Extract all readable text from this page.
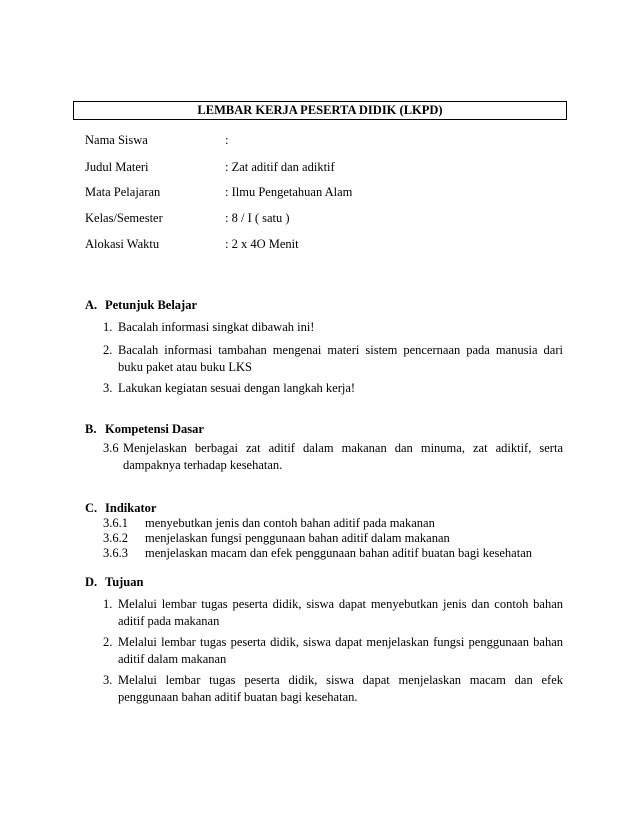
LEMBAR KERJA PESERTA DIDIK (LKPD)
Nama Siswa	:
Judul Materi	: Zat aditif dan adiktif
Mata Pelajaran	: Ilmu Pengetahuan Alam
Kelas/Semester	: 8 / I ( satu )
Alokasi Waktu	: 2 x 4O Menit
A. Petunjuk Belajar
1. Bacalah informasi singkat dibawah ini!
2. Bacalah informasi tambahan mengenai materi sistem pencernaan pada manusia dari buku paket atau buku LKS
3. Lakukan kegiatan sesuai dengan langkah kerja!
B. Kompetensi Dasar
3.6 Menjelaskan berbagai zat aditif dalam makanan dan minuma, zat adiktif, serta dampaknya terhadap kesehatan.
C. Indikator
3.6.1 menyebutkan jenis dan contoh bahan aditif pada makanan
3.6.2 menjelaskan fungsi penggunaan bahan aditif dalam makanan
3.6.3 menjelaskan macam dan efek penggunaan bahan aditif buatan bagi kesehatan
D. Tujuan
1. Melalui lembar tugas peserta didik, siswa dapat menyebutkan jenis dan contoh bahan aditif pada makanan
2. Melalui lembar tugas peserta didik, siswa dapat menjelaskan fungsi penggunaan bahan aditif dalam makanan
3. Melalui lembar tugas peserta didik, siswa dapat menjelaskan macam dan efek penggunaan bahan aditif buatan bagi kesehatan.
